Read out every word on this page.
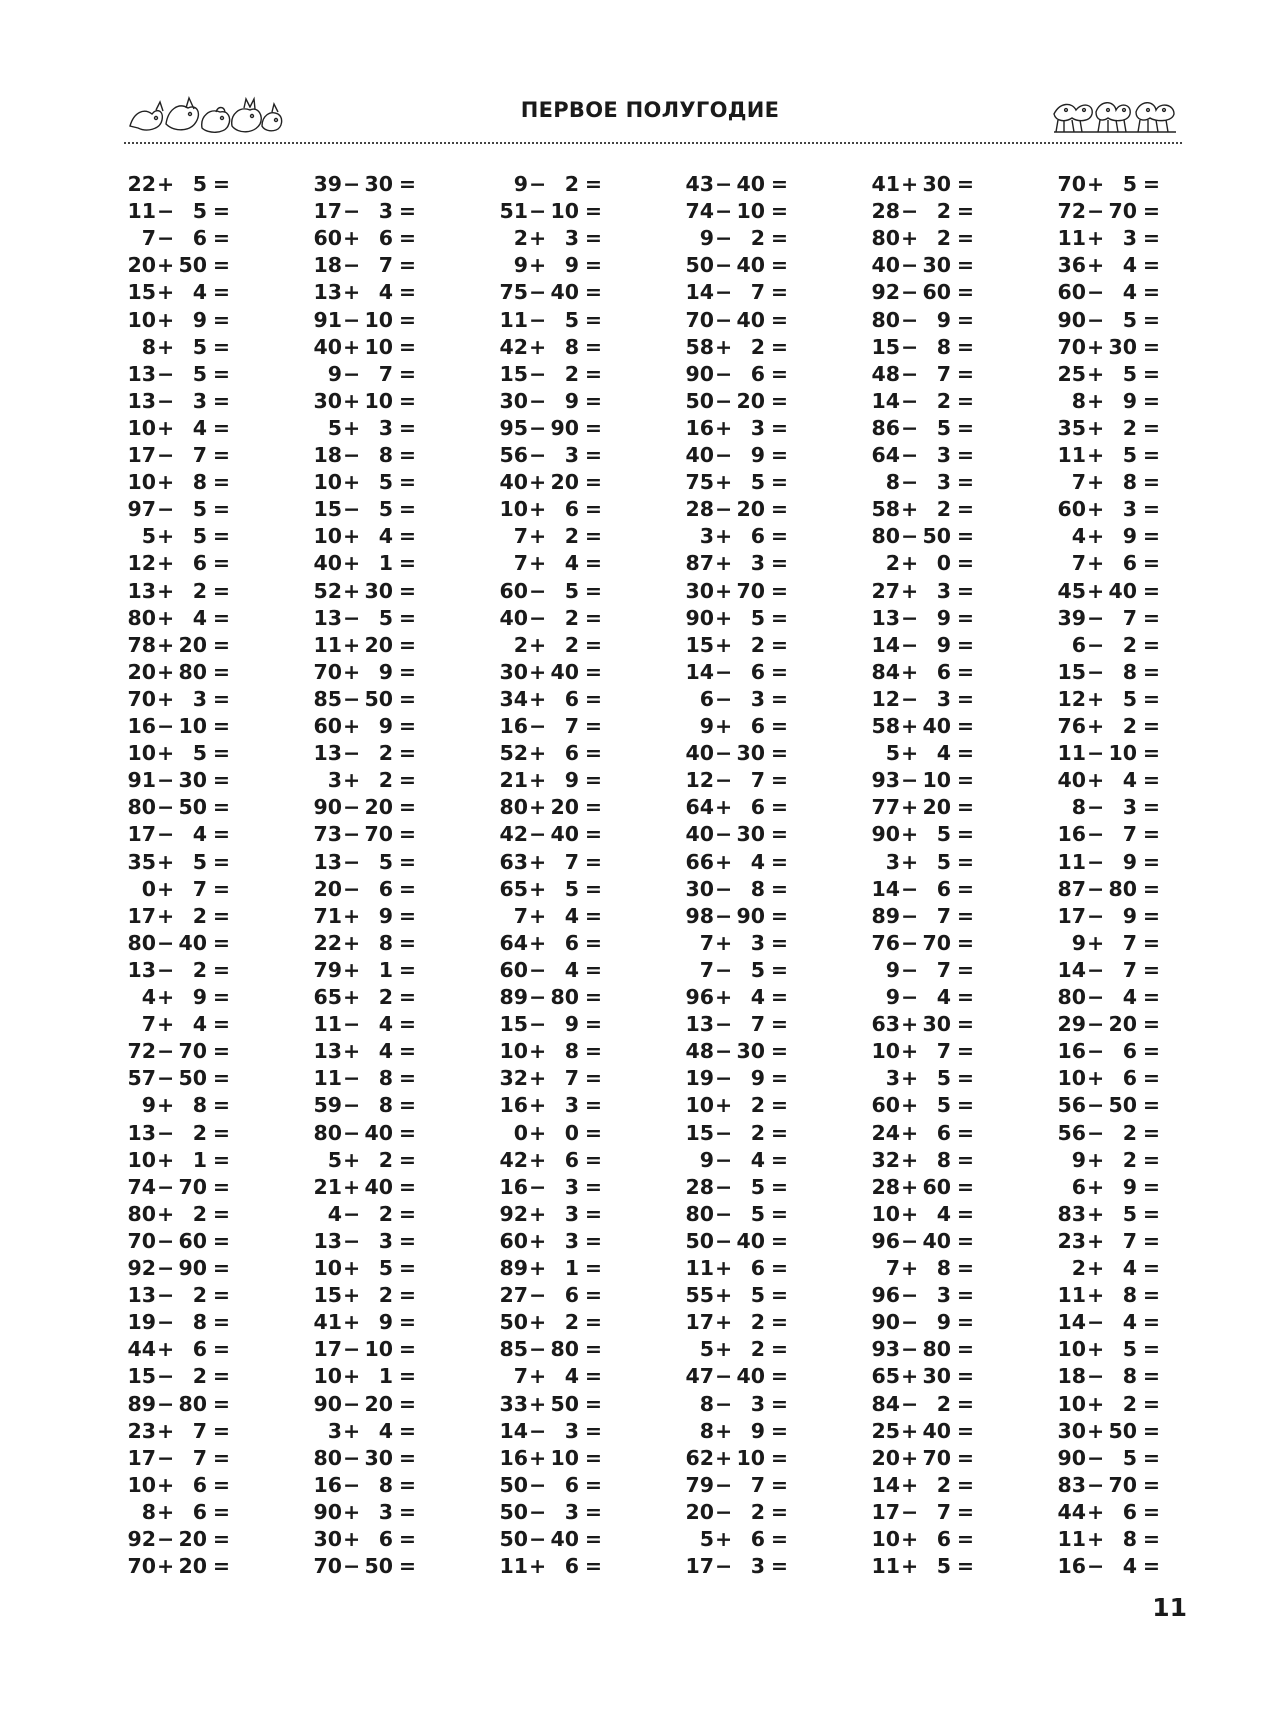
ПЕРВОЕ ПОЛУГОДИЕ
22 + 5 =
11 − 5 =
7 − 6 =
20 + 50 =
15 + 4 =
10 + 9 =
8 + 5 =
13 − 5 =
13 − 3 =
10 + 4 =
17 − 7 =
10 + 8 =
97 − 5 =
5 + 5 =
12 + 6 =
13 + 2 =
80 + 4 =
78 + 20 =
20 + 80 =
70 + 3 =
16 − 10 =
10 + 5 =
91 − 30 =
80 − 50 =
17 − 4 =
35 + 5 =
0 + 7 =
17 + 2 =
80 − 40 =
13 − 2 =
4 + 9 =
7 + 4 =
72 − 70 =
57 − 50 =
9 + 8 =
13 − 2 =
10 + 1 =
74 − 70 =
80 + 2 =
70 − 60 =
92 − 90 =
13 − 2 =
19 − 8 =
44 + 6 =
15 − 2 =
89 − 80 =
23 + 7 =
17 − 7 =
10 + 6 =
8 + 6 =
92 − 20 =
70 + 20 =
39 − 30 =
17 − 3 =
60 + 6 =
18 − 7 =
13 + 4 =
91 − 10 =
40 + 10 =
9 − 7 =
30 + 10 =
5 + 3 =
18 − 8 =
10 + 5 =
15 − 5 =
10 + 4 =
40 + 1 =
52 + 30 =
13 − 5 =
11 + 20 =
70 + 9 =
85 − 50 =
60 + 9 =
13 − 2 =
3 + 2 =
90 − 20 =
73 − 70 =
13 − 5 =
20 − 6 =
71 + 9 =
22 + 8 =
79 + 1 =
65 + 2 =
11 − 4 =
13 + 4 =
11 − 8 =
59 − 8 =
80 − 40 =
5 + 2 =
21 + 40 =
4 − 2 =
13 − 3 =
10 + 5 =
15 + 2 =
41 + 9 =
17 − 10 =
10 + 1 =
90 − 20 =
3 + 4 =
80 − 30 =
16 − 8 =
90 + 3 =
30 + 6 =
70 − 50 =
9 − 2 =
51 − 10 =
2 + 3 =
9 + 9 =
75 − 40 =
11 − 5 =
42 + 8 =
15 − 2 =
30 − 9 =
95 − 90 =
56 − 3 =
40 + 20 =
10 + 6 =
7 + 2 =
7 + 4 =
60 − 5 =
40 − 2 =
2 + 2 =
30 + 40 =
34 + 6 =
16 − 7 =
52 + 6 =
21 + 9 =
80 + 20 =
42 − 40 =
63 + 7 =
65 + 5 =
7 + 4 =
64 + 6 =
60 − 4 =
89 − 80 =
15 − 9 =
10 + 8 =
32 + 7 =
16 + 3 =
0 + 0 =
42 + 6 =
16 − 3 =
92 + 3 =
60 + 3 =
89 + 1 =
27 − 6 =
50 + 2 =
85 − 80 =
7 + 4 =
33 + 50 =
14 − 3 =
16 + 10 =
50 − 6 =
50 − 3 =
50 − 40 =
11 + 6 =
43 − 40 =
74 − 10 =
9 − 2 =
50 − 40 =
14 − 7 =
70 − 40 =
58 + 2 =
90 − 6 =
50 − 20 =
16 + 3 =
40 − 9 =
75 + 5 =
28 − 20 =
3 + 6 =
87 + 3 =
30 + 70 =
90 + 5 =
15 + 2 =
14 − 6 =
6 − 3 =
9 + 6 =
40 − 30 =
12 − 7 =
64 + 6 =
40 − 30 =
66 + 4 =
30 − 8 =
98 − 90 =
7 + 3 =
7 − 5 =
96 + 4 =
13 − 7 =
48 − 30 =
19 − 9 =
10 + 2 =
15 − 2 =
9 − 4 =
28 − 5 =
80 − 5 =
50 − 40 =
11 + 6 =
55 + 5 =
17 + 2 =
5 + 2 =
47 − 40 =
8 − 3 =
8 + 9 =
62 + 10 =
79 − 7 =
20 − 2 =
5 + 6 =
17 − 3 =
41 + 30 =
28 − 2 =
80 + 2 =
40 − 30 =
92 − 60 =
80 − 9 =
15 − 8 =
48 − 7 =
14 − 2 =
86 − 5 =
64 − 3 =
8 − 3 =
58 + 2 =
80 − 50 =
2 + 0 =
27 + 3 =
13 − 9 =
14 − 9 =
84 + 6 =
12 − 3 =
58 + 40 =
5 + 4 =
93 − 10 =
77 + 20 =
90 + 5 =
3 + 5 =
14 − 6 =
89 − 7 =
76 − 70 =
9 − 7 =
9 − 4 =
63 + 30 =
10 + 7 =
3 + 5 =
60 + 5 =
24 + 6 =
32 + 8 =
28 + 60 =
10 + 4 =
96 − 40 =
7 + 8 =
96 − 3 =
90 − 9 =
93 − 80 =
65 + 30 =
84 − 2 =
25 + 40 =
20 + 70 =
14 + 2 =
17 − 7 =
10 + 6 =
11 + 5 =
70 + 5 =
72 − 70 =
11 + 3 =
36 + 4 =
60 − 4 =
90 − 5 =
70 + 30 =
25 + 5 =
8 + 9 =
35 + 2 =
11 + 5 =
7 + 8 =
60 + 3 =
4 + 9 =
7 + 6 =
45 + 40 =
39 − 7 =
6 − 2 =
15 − 8 =
12 + 5 =
76 + 2 =
11 − 10 =
40 + 4 =
8 − 3 =
16 − 7 =
11 − 9 =
87 − 80 =
17 − 9 =
9 + 7 =
14 − 7 =
80 − 4 =
29 − 20 =
16 − 6 =
10 + 6 =
56 − 50 =
56 − 2 =
9 + 2 =
6 + 9 =
83 + 5 =
23 + 7 =
2 + 4 =
11 + 8 =
14 − 4 =
10 + 5 =
18 − 8 =
10 + 2 =
30 + 50 =
90 − 5 =
83 − 70 =
44 + 6 =
11 + 8 =
16 − 4 =
11
